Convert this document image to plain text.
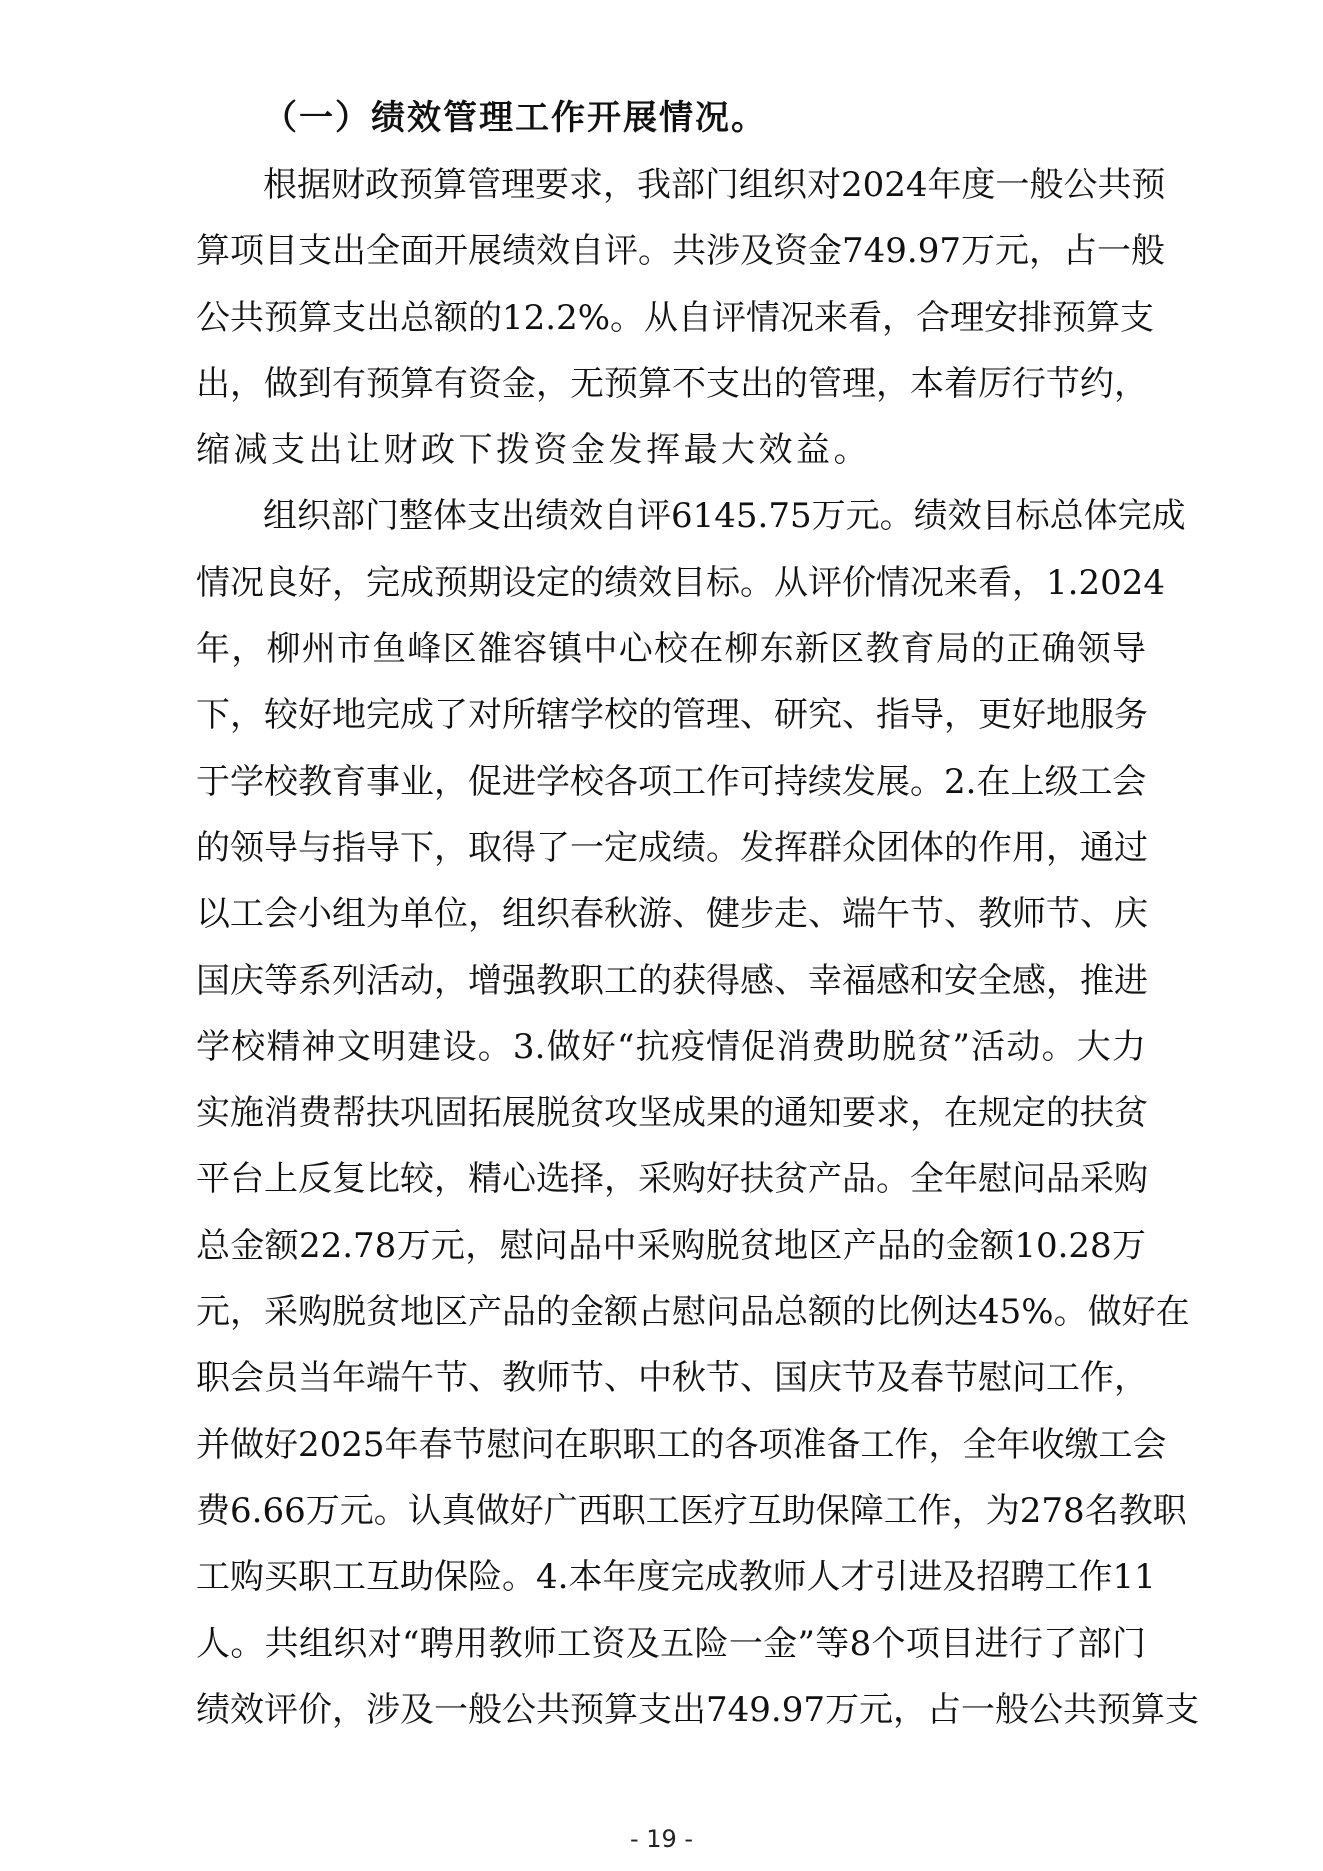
（一）绩效管理工作开展情况。
根据财政预算管理要求，我部门组织对2024年度一般公共预
算项目支出全面开展绩效自评。共涉及资金749.97万元，占一般
公共预算支出总额的12.2%。从自评情况来看，合理安排预算支
出，做到有预算有资金，无预算不支出的管理，本着厉行节约，
缩减支出让财政下拨资金发挥最大效益。
组织部门整体支出绩效自评6145.75万元。绩效目标总体完成
情况良好，完成预期设定的绩效目标。从评价情况来看，1.2024
年，柳州市鱼峰区雒容镇中心校在柳东新区教育局的正确领导
下，较好地完成了对所辖学校的管理、研究、指导，更好地服务
于学校教育事业，促进学校各项工作可持续发展。2.在上级工会
的领导与指导下，取得了一定成绩。发挥群众团体的作用，通过
以工会小组为单位，组织春秋游、健步走、端午节、教师节、庆
国庆等系列活动，增强教职工的获得感、幸福感和安全感，推进
学校精神文明建设。3.做好“抗疫情促消费助脱贫”活动。大力
实施消费帮扶巩固拓展脱贫攻坚成果的通知要求，在规定的扶贫
平台上反复比较，精心选择，采购好扶贫产品。全年慰问品采购
总金额22.78万元，慰问品中采购脱贫地区产品的金额10.28万
元，采购脱贫地区产品的金额占慰问品总额的比例达45%。做好在
职会员当年端午节、教师节、中秋节、国庆节及春节慰问工作，
并做好2025年春节慰问在职职工的各项准备工作，全年收缴工会
费6.66万元。认真做好广西职工医疗互助保障工作，为278名教职
工购买职工互助保险。4.本年度完成教师人才引进及招聘工作11
人。共组织对“聘用教师工资及五险一金”等8个项目进行了部门
绩效评价，涉及一般公共预算支出749.97万元，占一般公共预算支
- 19 -
